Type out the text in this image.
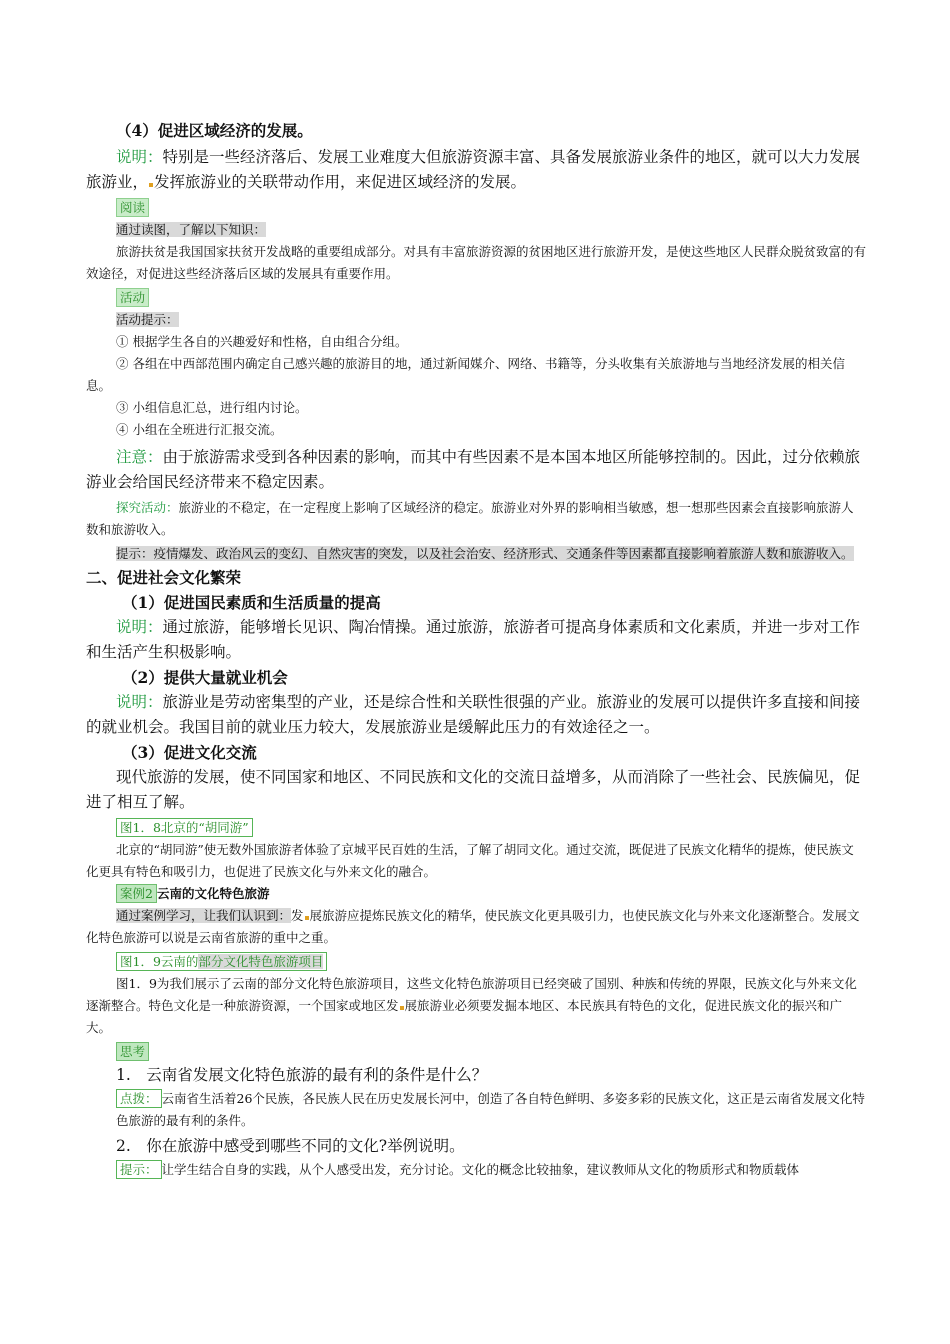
（4）促进区域经济的发展。

说明：特别是一些经济落后、发展工业难度大但旅游资源丰富、具备发展旅游业条件的地区，就可以大力发展旅游业， 发挥旅游业的关联带动作用，来促进区域经济的发展。

阅读

通过读图，了解以下知识：

旅游扶贫是我国国家扶贫开发战略的重要组成部分。对具有丰富旅游资源的贫困地区进行旅游开发，是使这些地区人民群众脱贫致富的有效途径，对促进这些经济落后区域的发展具有重要作用。

活动

活动提示：

① 根据学生各自的兴趣爱好和性格，自由组合分组。

② 各组在中西部范围内确定自己感兴趣的旅游目的地，通过新闻媒介、网络、书籍等，分头收集有关旅游地与当地经济发展的相关信息。

③ 小组信息汇总，进行组内讨论。

④ 小组在全班进行汇报交流。

注意：由于旅游需求受到各种因素的影响，而其中有些因素不是本国本地区所能够控制的。因此，过分依赖旅游业会给国民经济带来不稳定因素。

探究活动：旅游业的不稳定，在一定程度上影响了区域经济的稳定。旅游业对外界的影响相当敏感，想一想那些因素会直接影响旅游人数和旅游收入。

提示：疫情爆发、政治风云的变幻、自然灾害的突发，以及社会治安、经济形式、交通条件等因素都直接影响着旅游人数和旅游收入。

二、促进社会文化繁荣

（1）促进国民素质和生活质量的提高

说明：通过旅游，能够增长见识、陶冶情操。通过旅游，旅游者可提高身体素质和文化素质，并进一步对工作和生活产生积极影响。

（2）提供大量就业机会

说明：旅游业是劳动密集型的产业，还是综合性和关联性很强的产业。旅游业的发展可以提供许多直接和间接的就业机会。我国目前的就业压力较大，发展旅游业是缓解此压力的有效途径之一。

（3）促进文化交流

现代旅游的发展，使不同国家和地区、不同民族和文化的交流日益增多，从而消除了一些社会、民族偏见，促进了相互了解。

图1．8北京的“胡同游”

北京的“胡同游”使无数外国旅游者体验了京城平民百姓的生活，了解了胡同文化。通过交流，既促进了民族文化精华的提炼，使民族文化更具有特色和吸引力，也促进了民族文化与外来文化的融合。

案例2 云南的文化特色旅游

通过案例学习，让我们认识到：发 展旅游应提炼民族文化的精华，使民族文化更具吸引力，也使民族文化与外来文化逐渐整合。发展文化特色旅游可以说是云南省旅游的重中之重。

图1．9云南的部分文化特色旅游项目

图1．9为我们展示了云南的部分文化特色旅游项目，这些文化特色旅游项目已经突破了国别、种族和传统的界限，民族文化与外来文化逐渐整合。特色文化是一种旅游资源，一个国家或地区发 展旅游业必须要发掘本地区、本民族具有特色的文化，促进民族文化的振兴和广大。

思考

1.　云南省发展文化特色旅游的最有利的条件是什么？

点拨： 云南省生活着26个民族，各民族人民在历史发展长河中，创造了各自特色鲜明、多姿多彩的民族文化，这正是云南省发展文化特色旅游的最有利的条件。

2.　你在旅游中感受到哪些不同的文化?举例说明。

提示： 让学生结合自身的实践，从个人感受出发，充分讨论。文化的概念比较抽象，建议教师从文化的物质形式和物质载体
